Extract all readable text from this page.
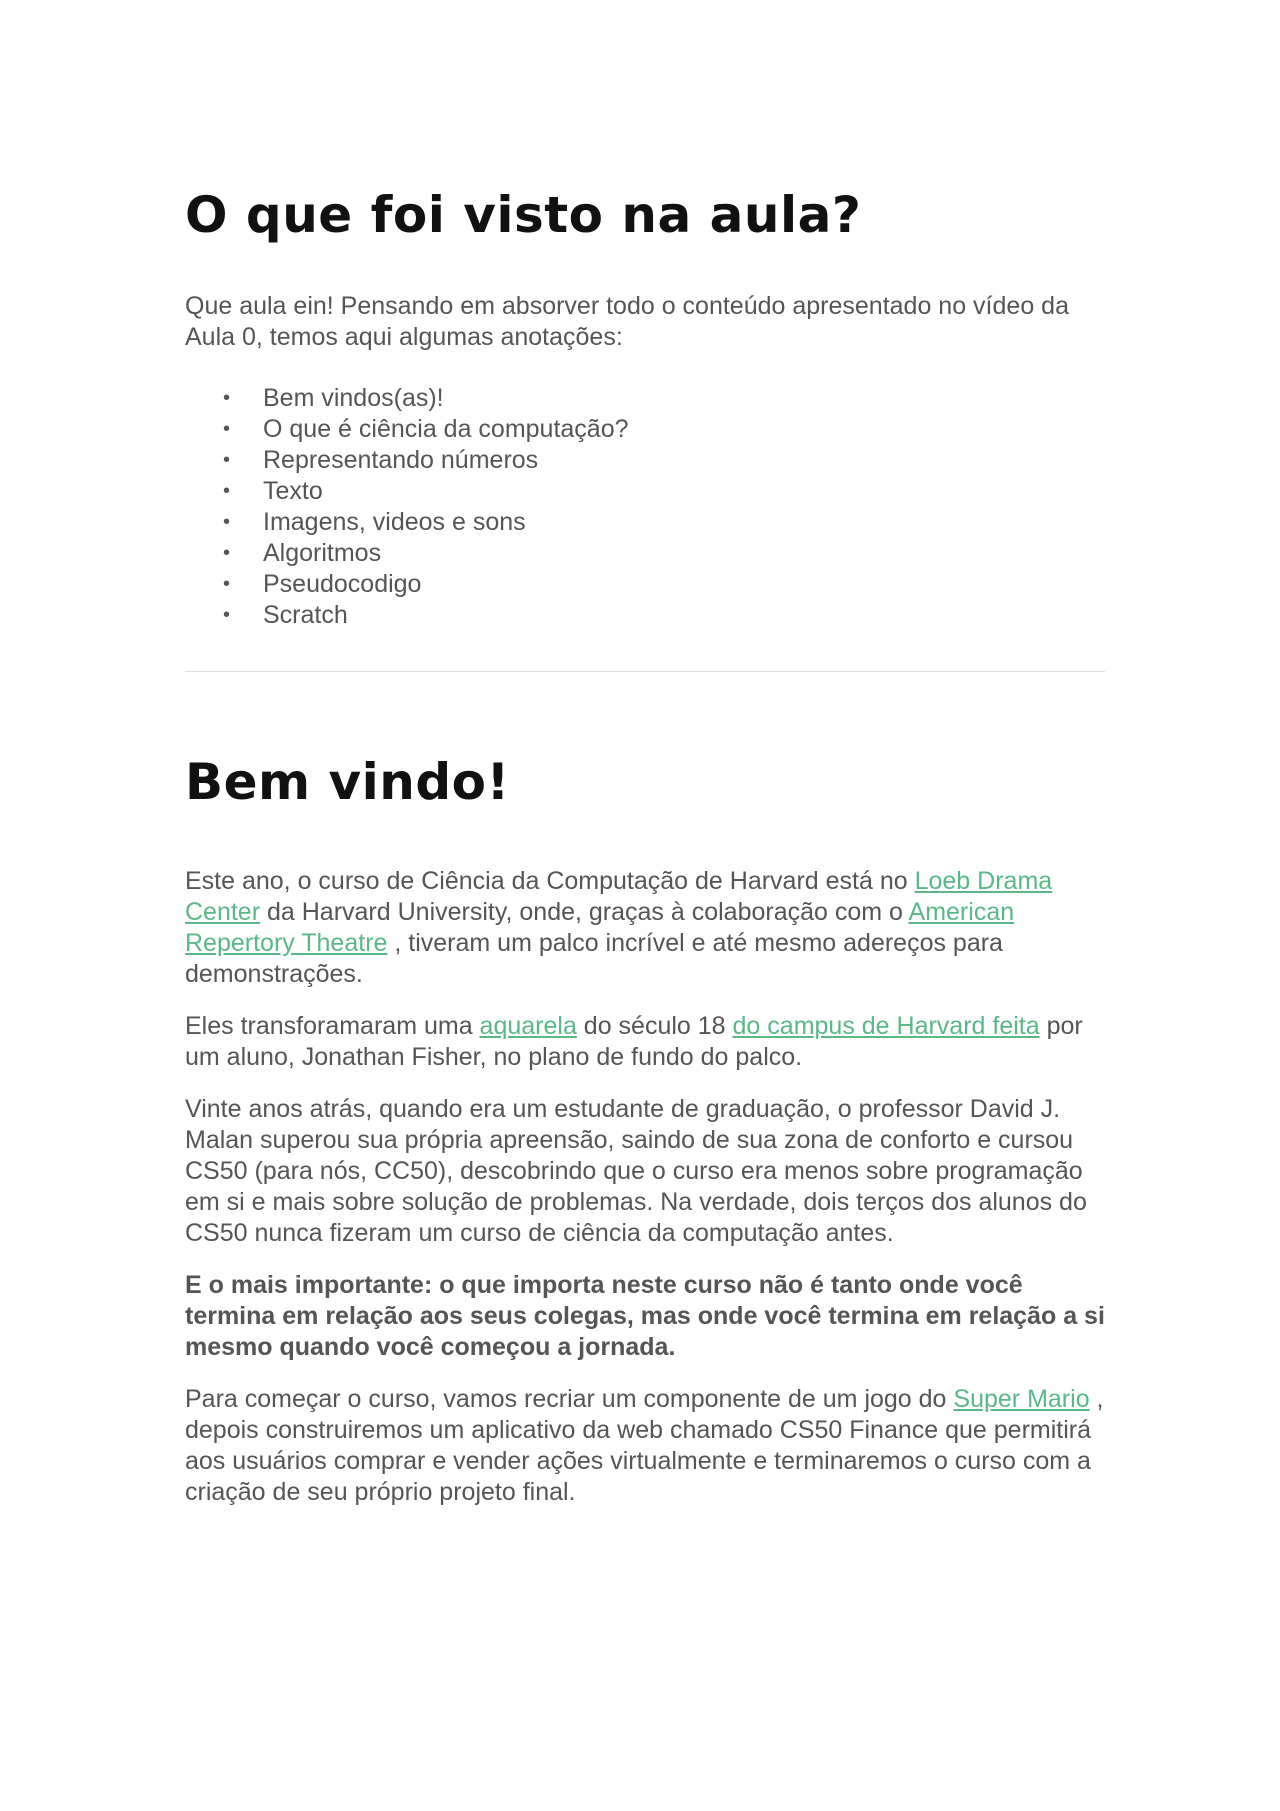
O que foi visto na aula?

Que aula ein! Pensando em absorver todo o conteúdo apresentado no vídeo da Aula 0, temos aqui algumas anotações:

• Bem vindos(as)!
• O que é ciência da computação?
• Representando números
• Texto
• Imagens, videos e sons
• Algoritmos
• Pseudocodigo
• Scratch
Bem vindo!

Este ano, o curso de Ciência da Computação de Harvard está no Loeb Drama Center da Harvard University, onde, graças à colaboração com o American Repertory Theatre , tiveram um palco incrível e até mesmo adereços para demonstrações.

Eles transforamaram uma aquarela do século 18 do campus de Harvard feita por um aluno, Jonathan Fisher, no plano de fundo do palco.

Vinte anos atrás, quando era um estudante de graduação, o professor David J. Malan superou sua própria apreensão, saindo de sua zona de conforto e cursou CS50 (para nós, CC50), descobrindo que o curso era menos sobre programação em si e mais sobre solução de problemas. Na verdade, dois terços dos alunos do CS50 nunca fizeram um curso de ciência da computação antes.

E o mais importante: o que importa neste curso não é tanto onde você termina em relação aos seus colegas, mas onde você termina em relação a si mesmo quando você começou a jornada.

Para começar o curso, vamos recriar um componente de um jogo do Super Mario , depois construiremos um aplicativo da web chamado CS50 Finance que permitirá aos usuários comprar e vender ações virtualmente e terminaremos o curso com a criação de seu próprio projeto final.
